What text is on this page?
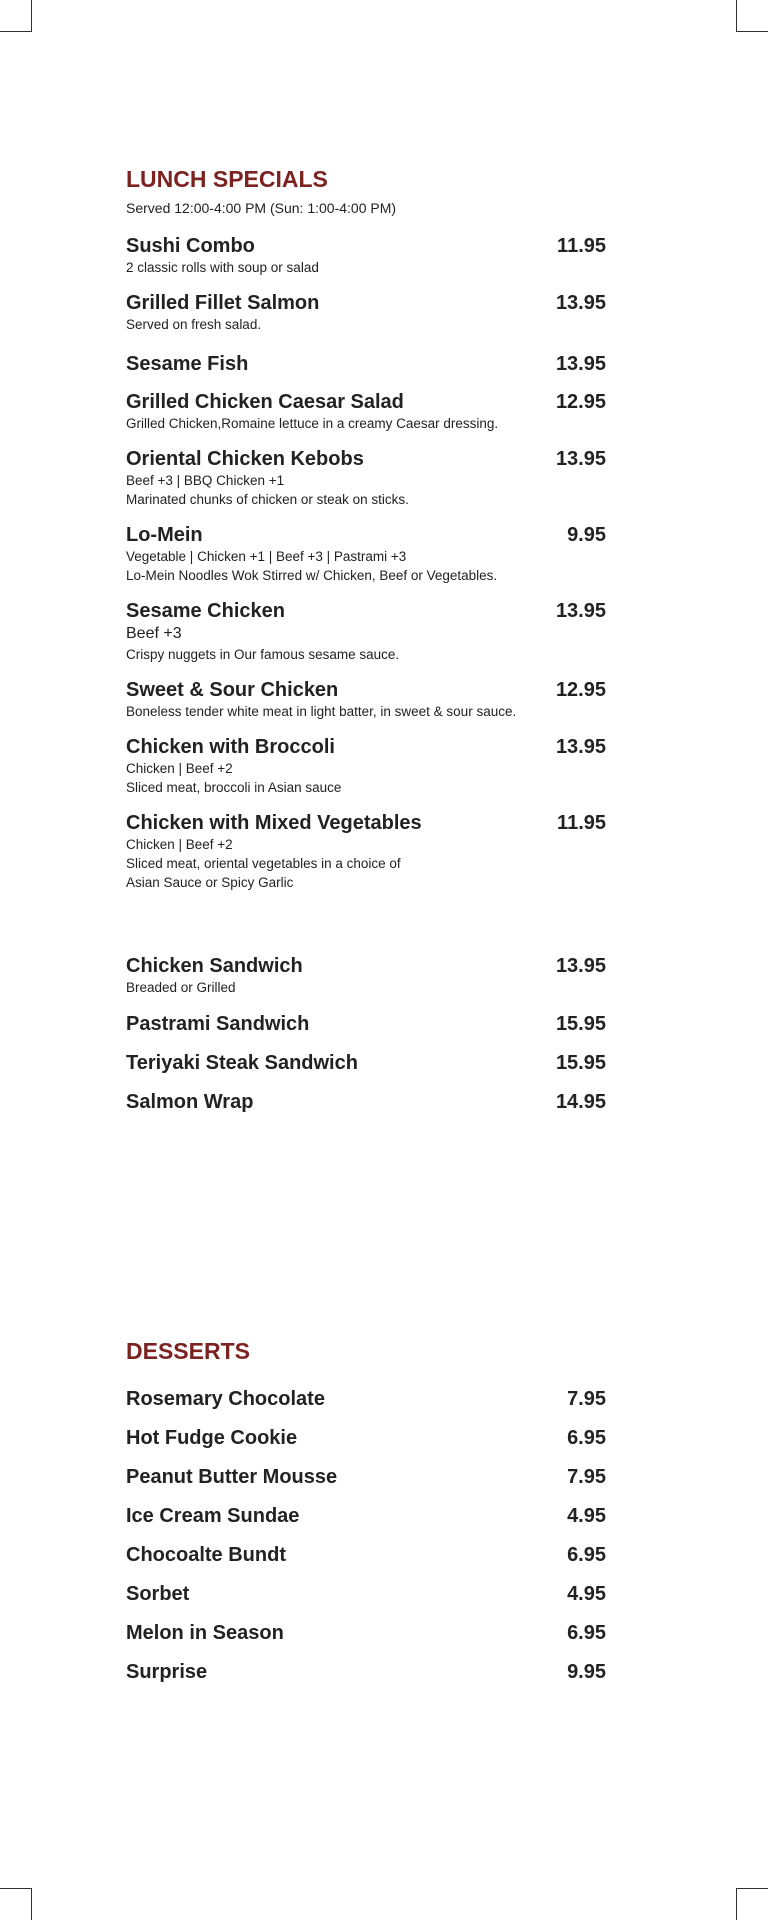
LUNCH SPECIALS
Served 12:00-4:00 PM (Sun: 1:00-4:00 PM)
Sushi Combo	11.95
2 classic rolls with soup or salad
Grilled Fillet Salmon	13.95
Served on fresh salad.
Sesame Fish	13.95
Grilled Chicken Caesar Salad	12.95
Grilled Chicken,Romaine lettuce in a creamy Caesar dressing.
Oriental Chicken Kebobs	13.95
Beef +3 | BBQ Chicken +1
Marinated chunks of chicken or steak on sticks.
Lo-Mein	9.95
Vegetable | Chicken +1 | Beef +3 | Pastrami +3
Lo-Mein Noodles Wok Stirred w/ Chicken, Beef or Vegetables.
Sesame Chicken	13.95
Beef +3
Crispy nuggets in Our famous sesame sauce.
Sweet & Sour Chicken	12.95
Boneless tender white meat in light batter, in sweet & sour sauce.
Chicken with Broccoli	13.95
Chicken | Beef +2
Sliced meat, broccoli in Asian sauce
Chicken with Mixed Vegetables	11.95
Chicken | Beef +2
Sliced meat, oriental vegetables in a choice of
Asian Sauce or Spicy Garlic
Chicken Sandwich	13.95
Breaded or Grilled
Pastrami Sandwich	15.95
Teriyaki Steak Sandwich	15.95
Salmon Wrap	14.95
DESSERTS
Rosemary Chocolate	7.95
Hot Fudge Cookie	6.95
Peanut Butter Mousse	7.95
Ice Cream Sundae	4.95
Chocoalte Bundt	6.95
Sorbet	4.95
Melon in Season	6.95
Surprise	9.95
